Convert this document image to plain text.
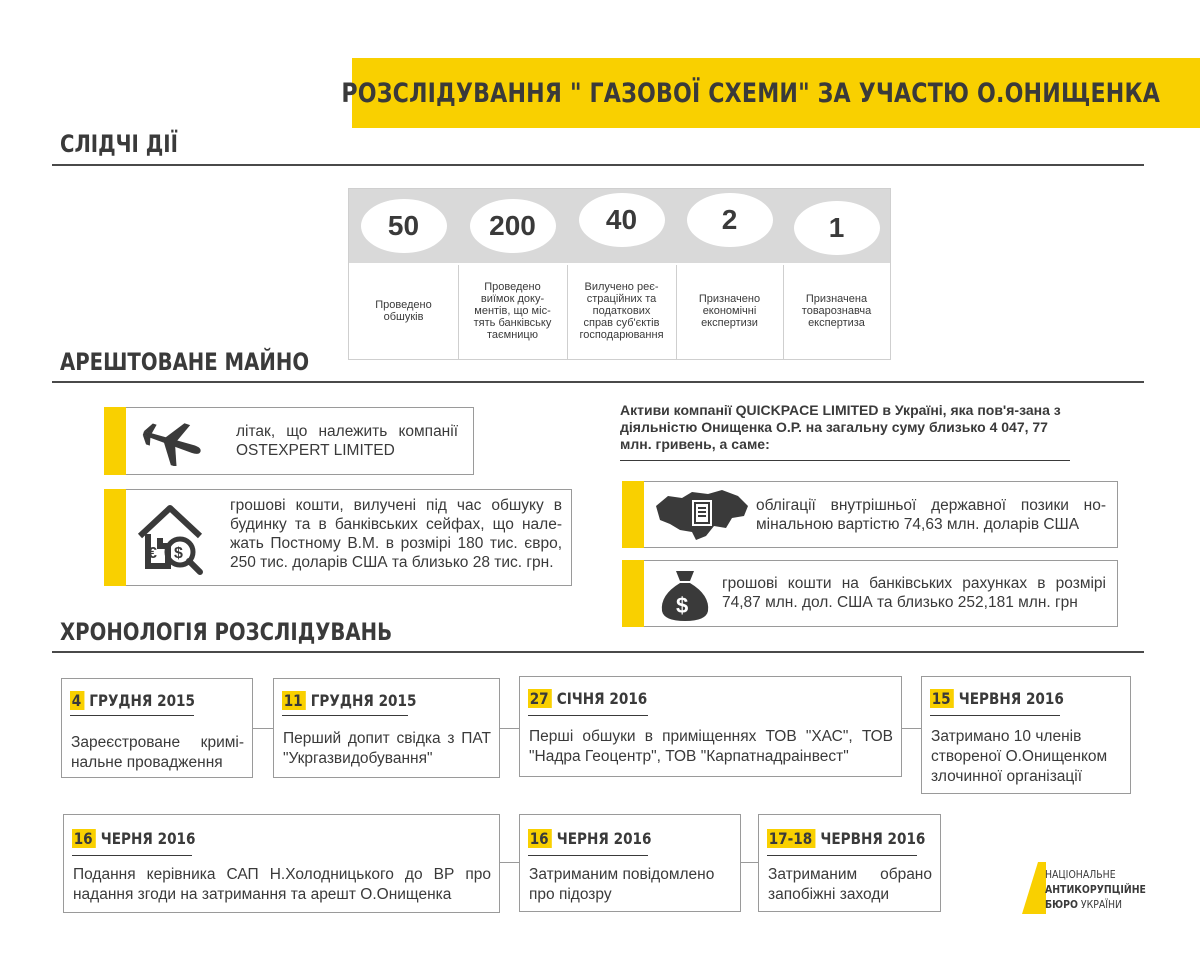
РОЗСЛІДУВАННЯ " ГАЗОВОЇ СХЕМИ" ЗА УЧАСТЮ О.ОНИЩЕНКА
СЛІДЧІ ДІЇ
50
Проведено
обшуків
200
Проведено
виїмок доку-
ментів, що міс-
тять банківську
таємницю
40
Вилучено реє-
страційних та
податкових
справ суб'єктів
господарювання
2
Призначено
економічні
експертизи
1
Призначена
товарознавча
експертиза
АРЕШТОВАНЕ МАЙНО
літак, що належить компанії OSTEXPERT LIMITED
€ $
грошові кошти, вилучені під час обшуку в будинку та в банківських сейфах, що нале-жать Постному В.М. в розмірі 180 тис. євро, 250 тис. доларів США та близько 28 тис. грн.
Активи компанії QUICKPACE LIMITED в Україні, яка пов'я-зана з діяльністю Онищенка О.Р. на загальну суму близько 4 047, 77 млн. гривень, а саме:
облігації внутрішньої державної позики но-мінальною вартістю 74,63 млн. доларів США
$
грошові кошти на банківських рахунках в розмірі 74,87 млн. дол. США та близько 252,181 млн. грн
ХРОНОЛОГІЯ РОЗСЛІДУВАНЬ
4 ГРУДНЯ 2015
Зареєстроване кримі-нальне провадження
11 ГРУДНЯ 2015
Перший допит свідка з ПАТ "Укргазвидобування"
27 СІЧНЯ 2016
Перші обшуки в приміщеннях ТОВ "ХАС", ТОВ "Надра Геоцентр", ТОВ "Карпатнадраінвест"
15 ЧЕРВНЯ 2016
Затримано 10 членів створеної О.Онищенком злочинної організації
16 ЧЕРНЯ 2016
Подання керівника САП Н.Холодницького до ВР про надання згоди на затримання та арешт О.Онищенка
16 ЧЕРНЯ 2016
Затриманим повідомлено про підозру
17-18 ЧЕРВНЯ 2016
Затриманим обрано запобіжні заходи
НАЦІОНАЛЬНЕ
АНТИКОРУПЦІЙНЕ
БЮРО УКРАЇНИ
